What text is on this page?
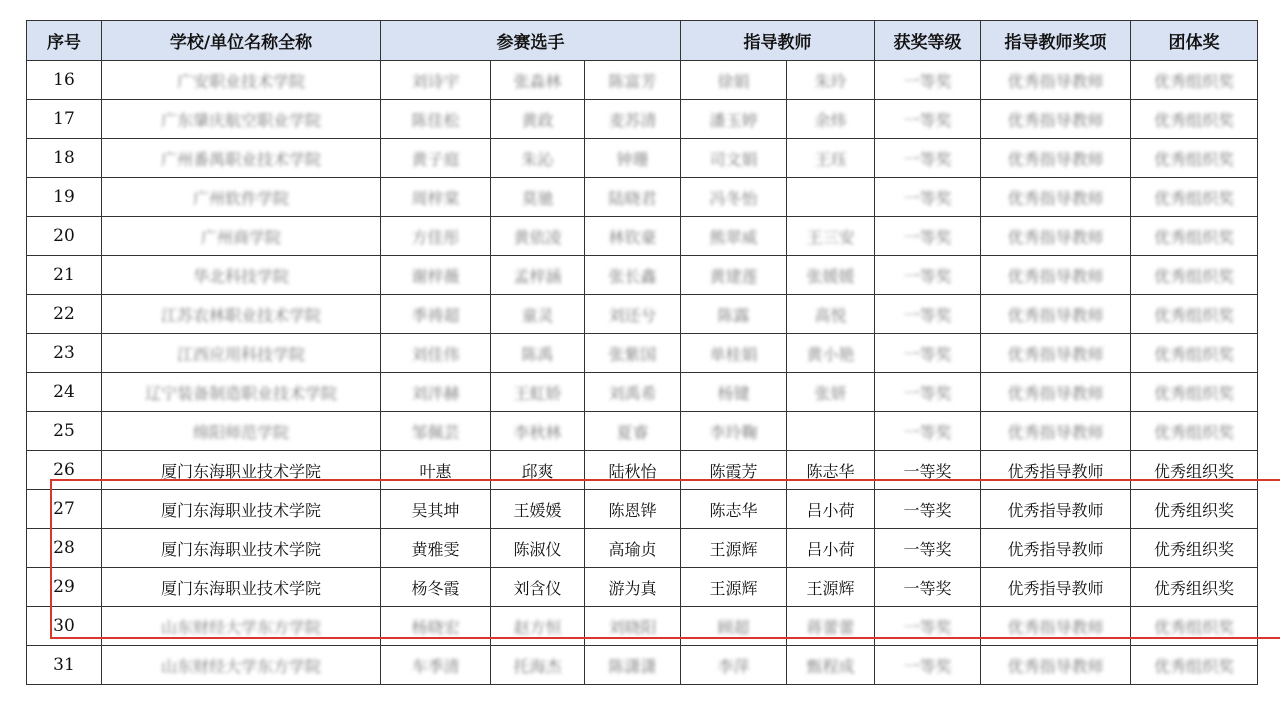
序号	学校/单位名称全称	参赛选手			指导教师		获奖等级	指导教师奖项	团体奖
16	广安职业技术学院	刘诗宇	张淼林	陈富芳	徐娟	朱玲	一等奖	优秀指导教师	优秀组织奖
17	广东肇庆航空职业学院	陈佳松	黄政	麦苏清	潘玉婷	余炜	一等奖	优秀指导教师	优秀组织奖
18	广州番禺职业技术学院	黄子庭	朱沁	钟珊	司文娟	王珏	一等奖	优秀指导教师	优秀组织奖
19	广州软件学院	周梓棠	莫驰	陆晓君	冯冬怡		一等奖	优秀指导教师	优秀组织奖
20	广州商学院	方佳彤	黄依凌	林钦豪	熊翠威	王三安	一等奖	优秀指导教师	优秀组织奖
21	华北科技学院	谢梓薇	孟梓涵	张长鑫	黄建莲	张媛媛	一等奖	优秀指导教师	优秀组织奖
22	江苏农林职业技术学院	季祷超	童灵	刘还兮	陈露	高悦	一等奖	优秀指导教师	优秀组织奖
23	江西应用科技学院	刘佳伟	陈禹	张紫国	单桂娟	黄小艳	一等奖	优秀指导教师	优秀组织奖
24	辽宁装备制造职业技术学院	刘泮赫	王虹娇	刘禹希	杨键	张妍	一等奖	优秀指导教师	优秀组织奖
25	绵阳师范学院	邹佩芸	李秋林	夏睿	李玲鞠		一等奖	优秀指导教师	优秀组织奖
26	厦门东海职业技术学院	叶惠	邱爽	陆秋怡	陈霞芳	陈志华	一等奖	优秀指导教师	优秀组织奖
27	厦门东海职业技术学院	吴其坤	王媛媛	陈恩铧	陈志华	吕小荷	一等奖	优秀指导教师	优秀组织奖
28	厦门东海职业技术学院	黄雅雯	陈淑仪	高瑜贞	王源辉	吕小荷	一等奖	优秀指导教师	优秀组织奖
29	厦门东海职业技术学院	杨冬霞	刘含仪	游为真	王源辉	王源辉	一等奖	优秀指导教师	优秀组织奖
30	山东财经大学东方学院	杨晓宏	赵方恒	刘晓阳	顾超	蒋蕾蕾	一等奖	优秀指导教师	优秀组织奖
31	山东财经大学东方学院	车季清	托海杰	陈潇潇	李萍	甄程成	一等奖	优秀指导教师	优秀组织奖
